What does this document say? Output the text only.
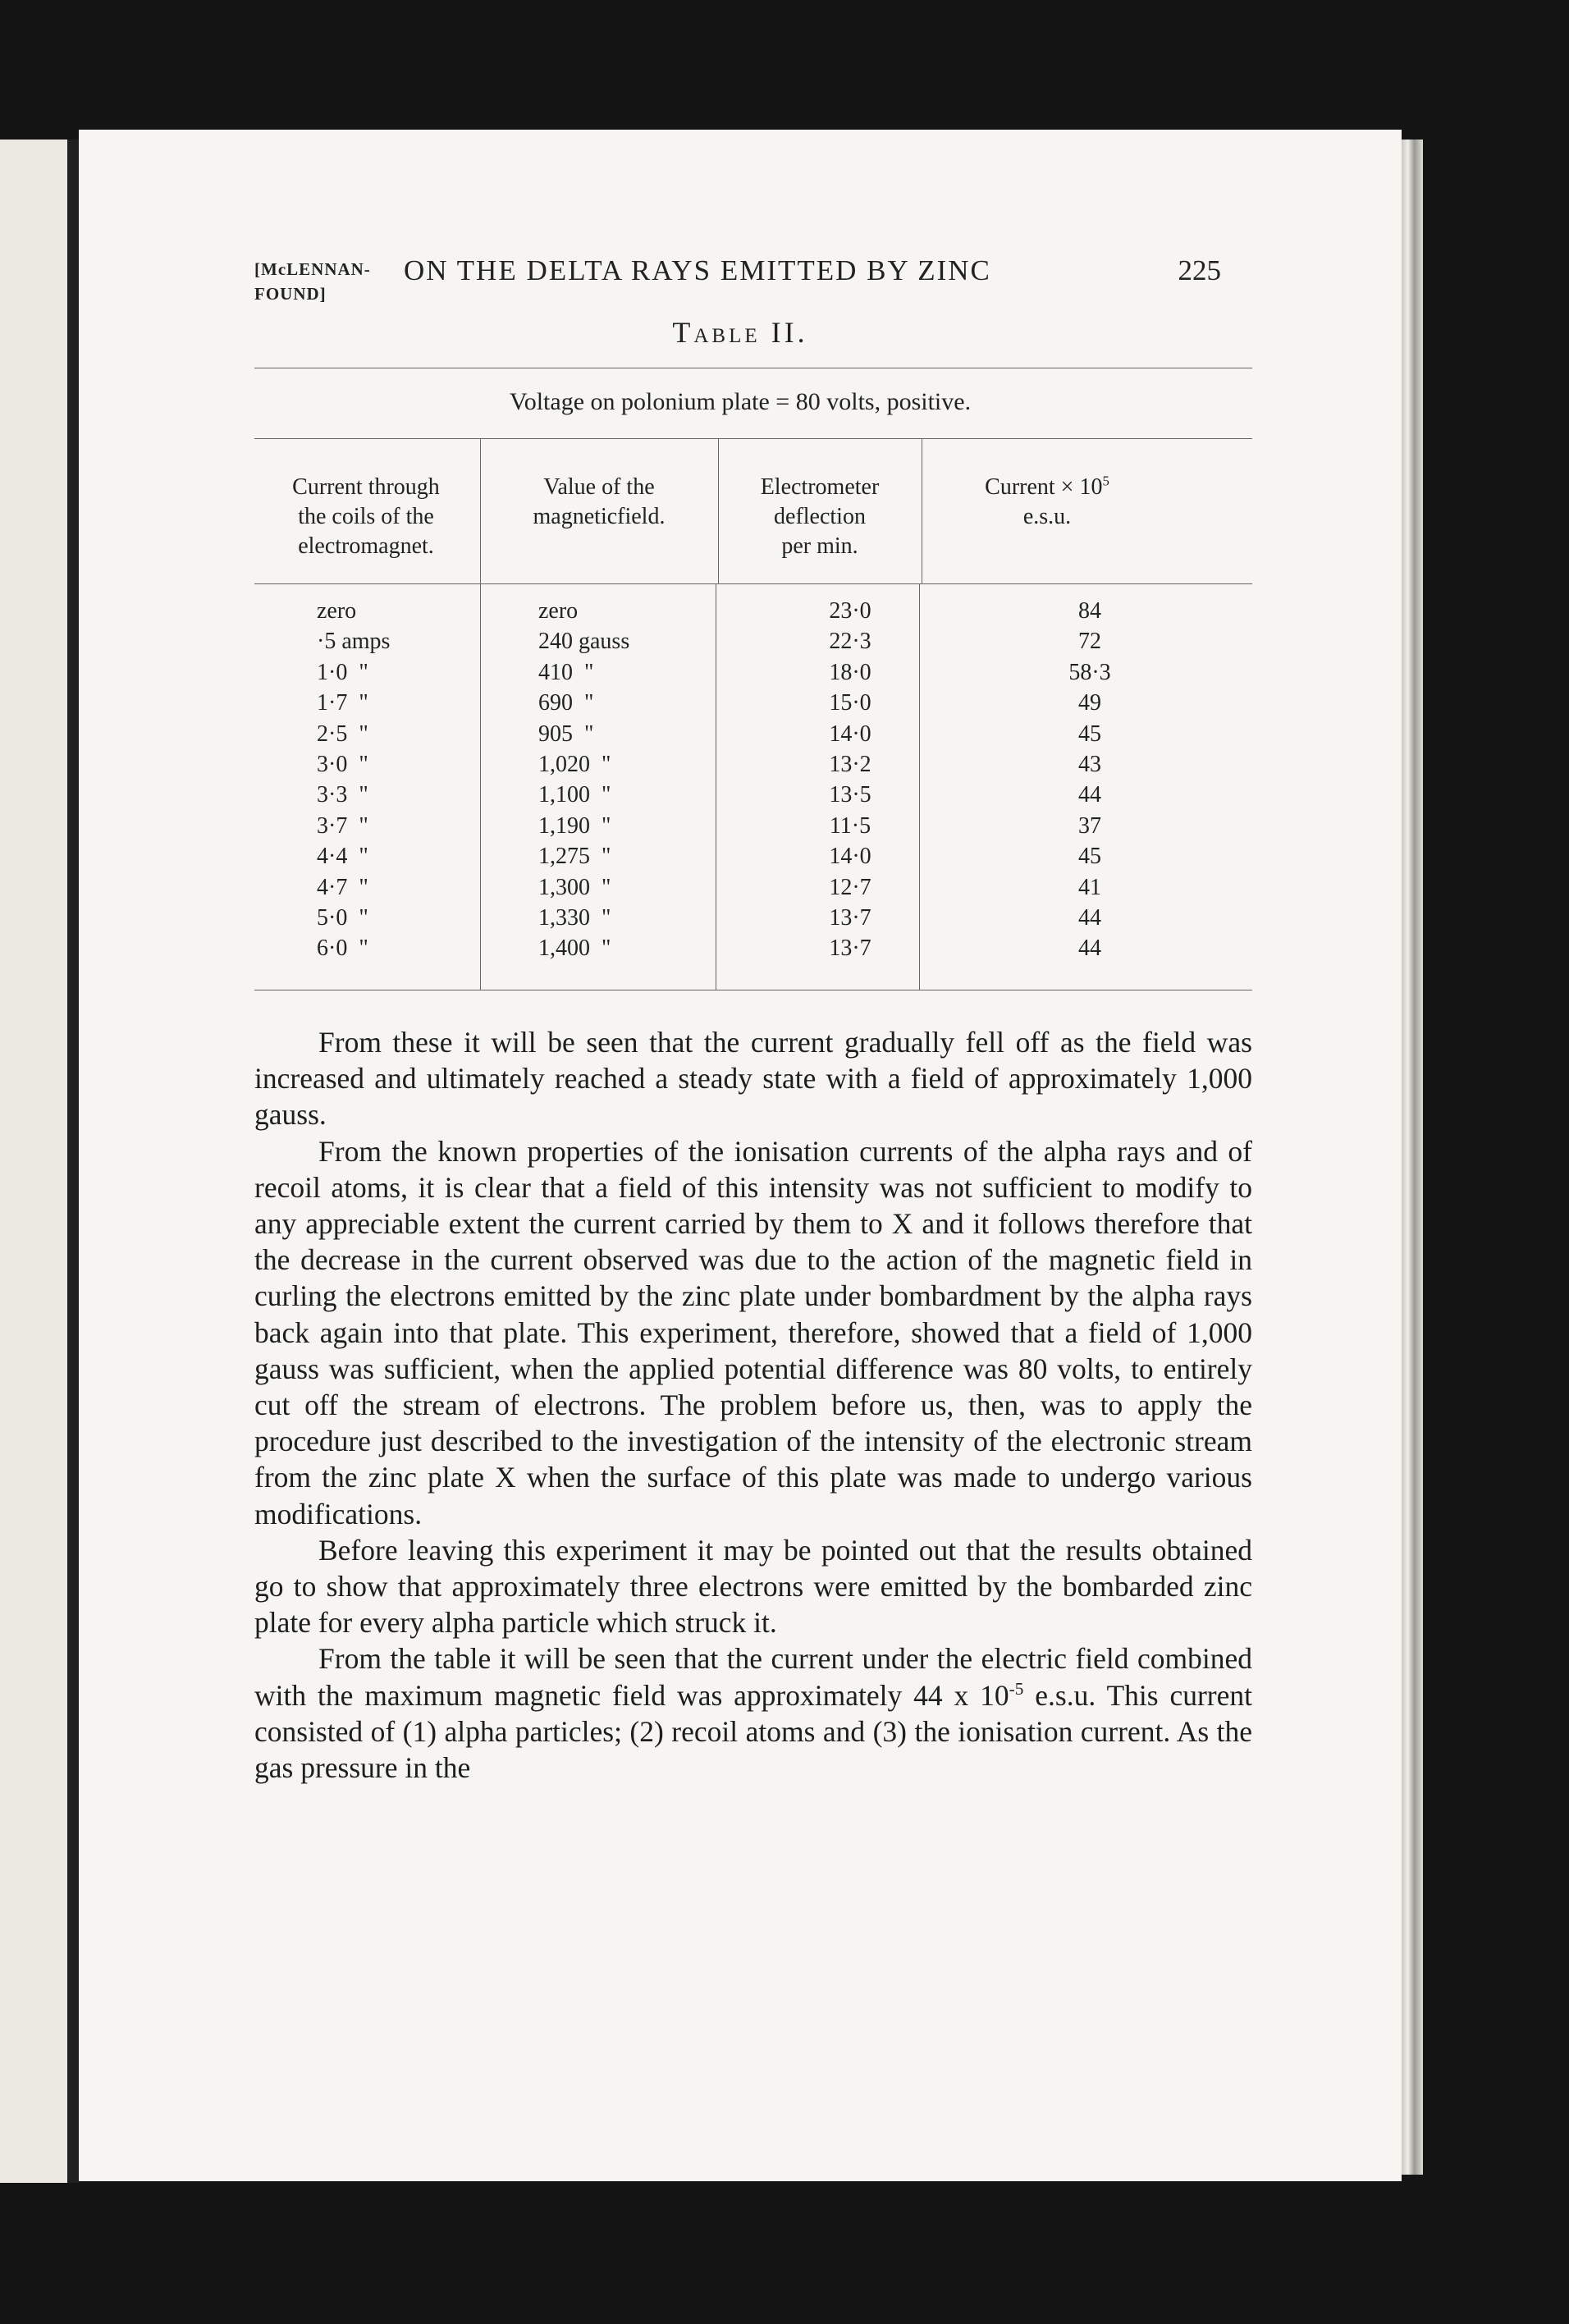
[McLENNAN-
FOUND]
ON THE DELTA RAYS EMITTED BY ZINC	225
Table II.
Voltage on polonium plate = 80 volts, positive.
Current through
the coils of the
electromagnet.
Value of the
magneticfield.
Electrometer
deflection
per min.
Current × $10^5$
e.s.u.
zero
·5 amps
1·0  "
1·7  "
2·5  "
3·0  "
3·3  "
3·7  "
4·4  "
4·7  "
5·0  "
6·0  "
zero
240 gauss
410  "
690  "
905  "
1,020  "
1,100  "
1,190  "
1,275  "
1,300  "
1,330  "
1,400  "
23·0
22·3
18·0
15·0
14·0
13·2
13·5
11·5
14·0
12·7
13·7
13·7
84
72
58·3
49
45
43
44
37
45
41
44
44

From these it will be seen that the current gradually fell off as the field was increased and ultimately reached a steady state with a field of approximately 1,000 gauss.

From the known properties of the ionisation currents of the alpha rays and of recoil atoms, it is clear that a field of this intensity was not sufficient to modify to any appreciable extent the current carried by them to X and it follows therefore that the decrease in the current observed was due to the action of the magnetic field in curling the electrons emitted by the zinc plate under bombardment by the alpha rays back again into that plate. This experiment, therefore, showed that a field of 1,000 gauss was sufficient, when the applied potential difference was 80 volts, to entirely cut off the stream of electrons. The problem before us, then, was to apply the procedure just described to the investigation of the intensity of the electronic stream from the zinc plate X when the surface of this plate was made to undergo various modifications.

Before leaving this experiment it may be pointed out that the results obtained go to show that approximately three electrons were emitted by the bombarded zinc plate for every alpha particle which struck it.

From the table it will be seen that the current under the electric field combined with the maximum magnetic field was approximately 44 x $10^{-5}$ e.s.u. This current consisted of (1) alpha particles; (2) recoil atoms and (3) the ionisation current. As the gas pressure in the
